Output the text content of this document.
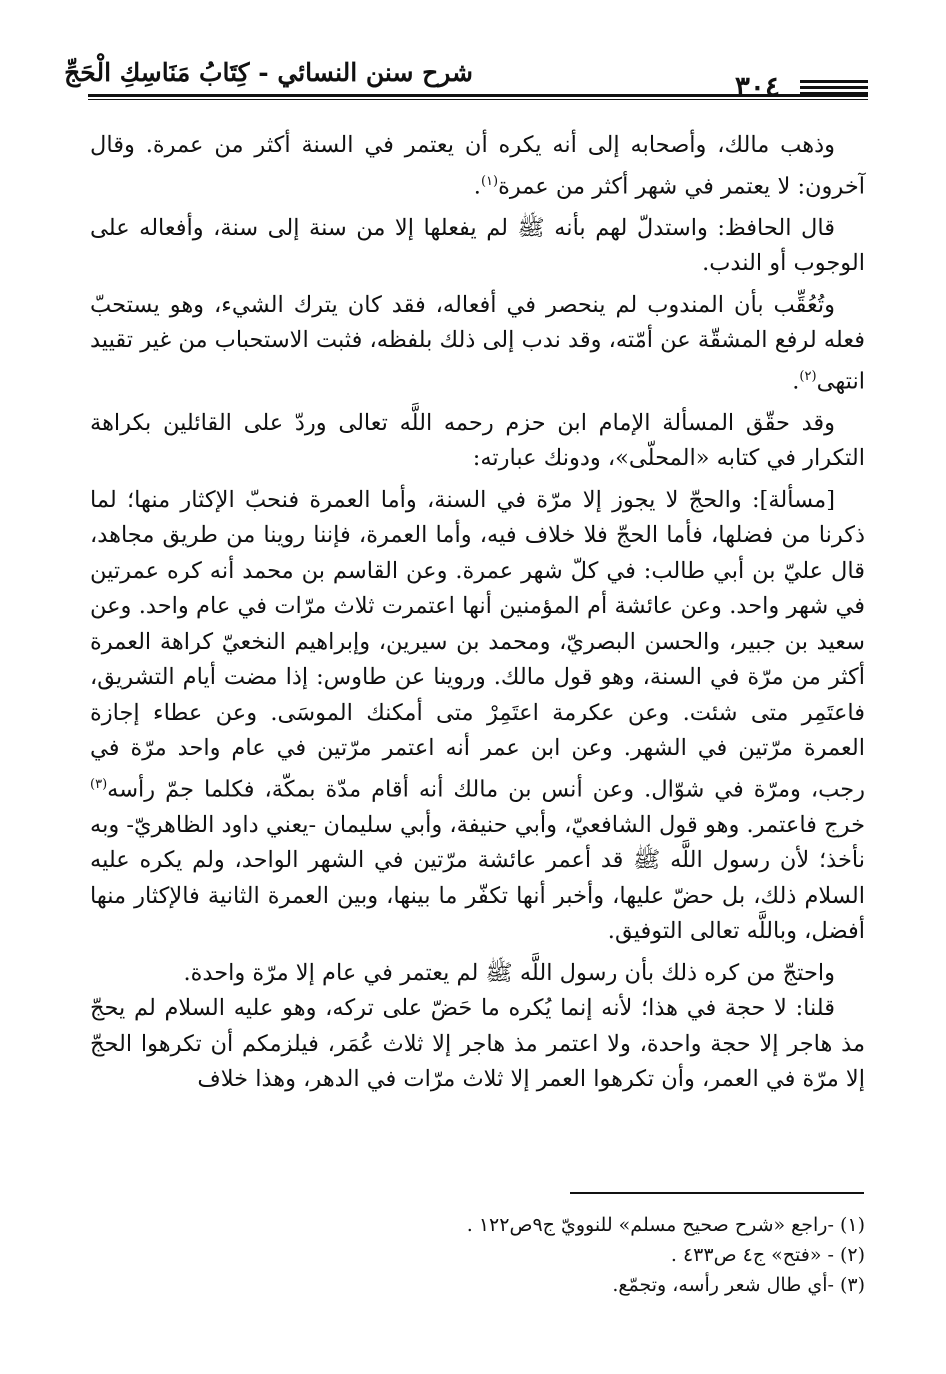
شرح سنن النسائي - كِتَابُ مَنَاسِكِ الْحَجِّ	٣٠٤

وذهب مالك، وأصحابه إلى أنه يكره أن يعتمر في السنة أكثر من عمرة. وقال آخرون: لا يعتمر في شهر أكثر من عمرة$^{(١)}$.

قال الحافظ: واستدلّ لهم بأنه ﷺ لم يفعلها إلا من سنة إلى سنة، وأفعاله على الوجوب أو الندب.

وتُعُقِّب بأن المندوب لم ينحصر في أفعاله، فقد كان يترك الشيء، وهو يستحبّ فعله لرفع المشقّة عن أمّته، وقد ندب إلى ذلك بلفظه، فثبت الاستحباب من غير تقييد انتهى$^{(٢)}$.

وقد حقّق المسألة الإمام ابن حزم رحمه اللَّه تعالى وردّ على القائلين بكراهة التكرار في كتابه «المحلّى»، ودونك عبارته:

[مسألة]: والحجّ لا يجوز إلا مرّة في السنة، وأما العمرة فنحبّ الإكثار منها؛ لما ذكرنا من فضلها، فأما الحجّ فلا خلاف فيه، وأما العمرة، فإننا روينا من طريق مجاهد، قال عليّ بن أبي طالب: في كلّ شهر عمرة. وعن القاسم بن محمد أنه كره عمرتين في شهر واحد. وعن عائشة أم المؤمنين أنها اعتمرت ثلاث مرّات في عام واحد. وعن سعيد بن جبير، والحسن البصريّ، ومحمد بن سيرين، وإبراهيم النخعيّ كراهة العمرة أكثر من مرّة في السنة، وهو قول مالك. وروينا عن طاوس: إذا مضت أيام التشريق، فاعتَمِر متى شئت. وعن عكرمة اعتَمِرْ متى أمكنك الموسَى. وعن عطاء إجازة العمرة مرّتين في الشهر. وعن ابن عمر أنه اعتمر مرّتين في عام واحد مرّة في رجب، ومرّة في شوّال. وعن أنس بن مالك أنه أقام مدّة بمكّة، فكلما جمّ رأسه$^{(٣)}$ خرج فاعتمر. وهو قول الشافعيّ، وأبي حنيفة، وأبي سليمان -يعني داود الظاهريّ- وبه نأخذ؛ لأن رسول اللَّه ﷺ قد أعمر عائشة مرّتين في الشهر الواحد، ولم يكره عليه السلام ذلك، بل حضّ عليها، وأخبر أنها تكفّر ما بينها، وبين العمرة الثانية فالإكثار منها أفضل، وباللَّه تعالى التوفيق.

واحتجّ من كره ذلك بأن رسول اللَّه ﷺ لم يعتمر في عام إلا مرّة واحدة.

قلنا: لا حجة في هذا؛ لأنه إنما يُكره ما حَضّ على تركه، وهو عليه السلام لم يحجّ مذ هاجر إلا حجة واحدة، ولا اعتمر مذ هاجر إلا ثلاث عُمَر، فيلزمكم أن تكرهوا الحجّ إلا مرّة في العمر، وأن تكرهوا العمر إلا ثلاث مرّات في الدهر، وهذا خلاف

(١) -راجع «شرح صحيح مسلم» للنوويّ ج٩ص١٢٢ .
(٢) - «فتح» ج٤ ص٤٣٣ .
(٣) -أي طال شعر رأسه، وتجمّع.
